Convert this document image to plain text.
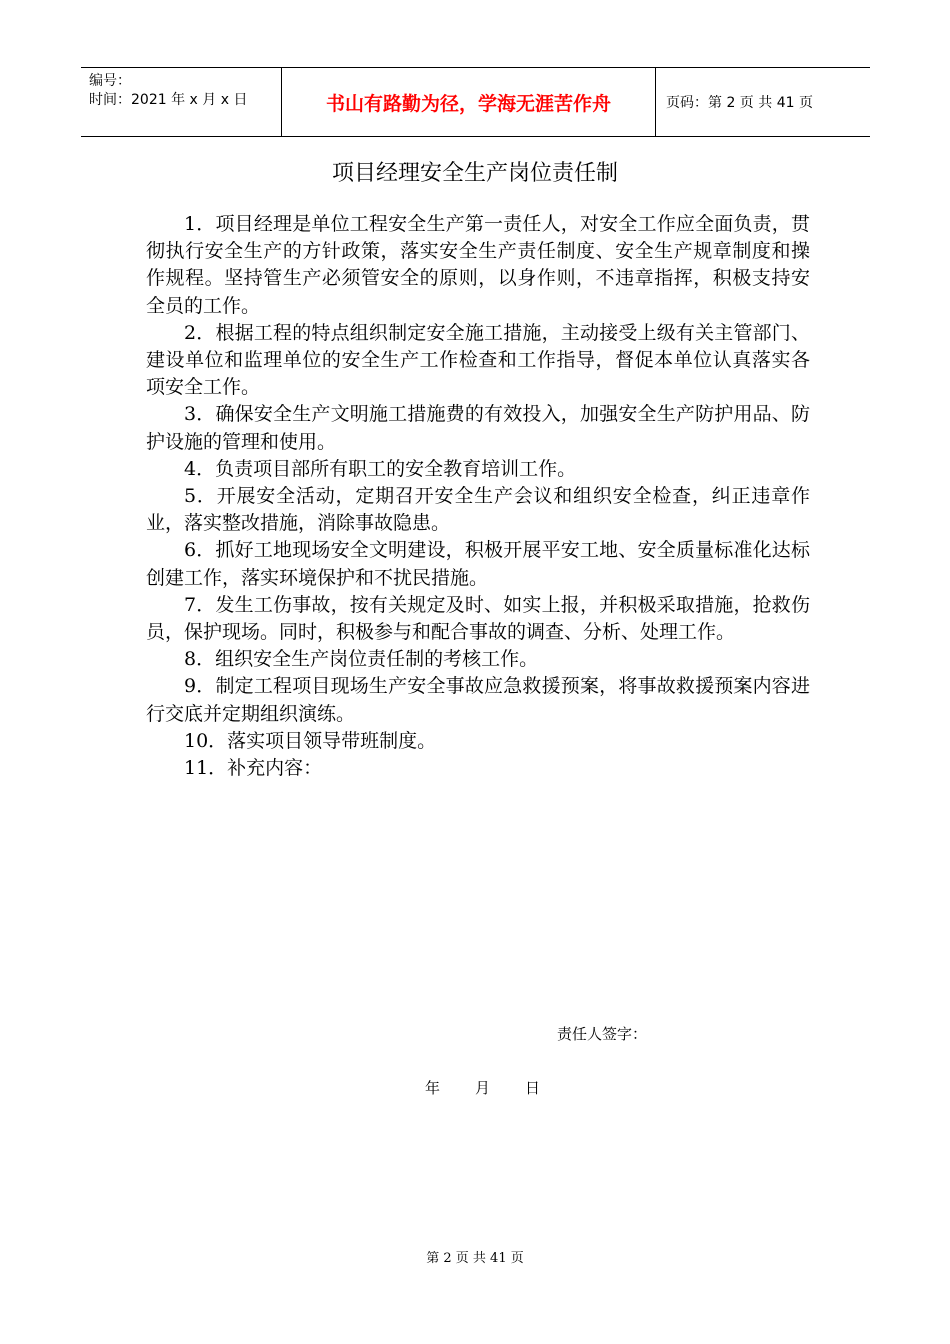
编号：
时间：2021 年 x 月 x 日	书山有路勤为径，学海无涯苦作舟	页码：第 2 页 共 41 页
项目经理安全生产岗位责任制

1．项目经理是单位工程安全生产第一责任人，对安全工作应全面负责，贯彻执行安全生产的方针政策，落实安全生产责任制度、安全生产规章制度和操作规程。坚持管生产必须管安全的原则，以身作则，不违章指挥，积极支持安全员的工作。

2．根据工程的特点组织制定安全施工措施，主动接受上级有关主管部门、建设单位和监理单位的安全生产工作检查和工作指导，督促本单位认真落实各项安全工作。

3．确保安全生产文明施工措施费的有效投入，加强安全生产防护用品、防护设施的管理和使用。

4．负责项目部所有职工的安全教育培训工作。

5．开展安全活动，定期召开安全生产会议和组织安全检查，纠正违章作业，落实整改措施，消除事故隐患。

6．抓好工地现场安全文明建设，积极开展平安工地、安全质量标准化达标创建工作，落实环境保护和不扰民措施。

7．发生工伤事故，按有关规定及时、如实上报，并积极采取措施，抢救伤员，保护现场。同时，积极参与和配合事故的调查、分析、处理工作。

8．组织安全生产岗位责任制的考核工作。

9．制定工程项目现场生产安全事故应急救援预案，将事故救援预案内容进行交底并定期组织演练。

10．落实项目领导带班制度。

11．补充内容：

责任人签字：
年 月 日
第 2 页 共 41 页
